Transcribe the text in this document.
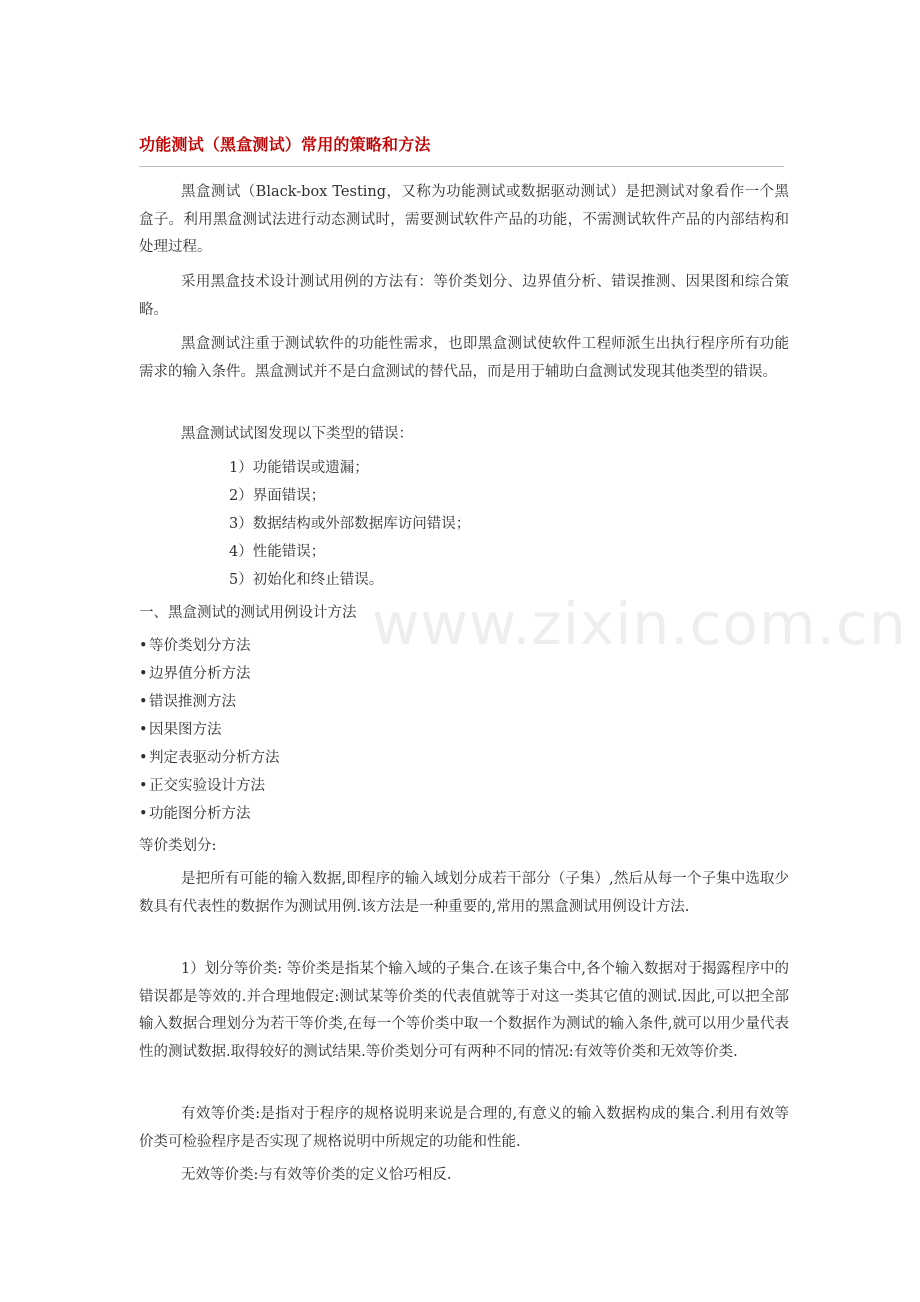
功能测试（黑盒测试）常用的策略和方法
黑盒测试（Black-box Testing，又称为功能测试或数据驱动测试）是把测试对象看作一个黑盒子。利用黑盒测试法进行动态测试时，需要测试软件产品的功能，不需测试软件产品的内部结构和处理过程。
采用黑盒技术设计测试用例的方法有：等价类划分、边界值分析、错误推测、因果图和综合策略。
黑盒测试注重于测试软件的功能性需求，也即黑盒测试使软件工程师派生出执行程序所有功能需求的输入条件。黑盒测试并不是白盒测试的替代品，而是用于辅助白盒测试发现其他类型的错误。
黑盒测试试图发现以下类型的错误：
1）功能错误或遗漏；
2）界面错误；
3）数据结构或外部数据库访问错误；
4）性能错误；
5）初始化和终止错误。
一、黑盒测试的测试用例设计方法
•等价类划分方法
•边界值分析方法
•错误推测方法
•因果图方法
•判定表驱动分析方法
•正交实验设计方法
•功能图分析方法
等价类划分:
是把所有可能的输入数据,即程序的输入域划分成若干部分（子集）,然后从每一个子集中选取少数具有代表性的数据作为测试用例.该方法是一种重要的,常用的黑盒测试用例设计方法.
1）划分等价类: 等价类是指某个输入域的子集合.在该子集合中,各个输入数据对于揭露程序中的错误都是等效的.并合理地假定:测试某等价类的代表值就等于对这一类其它值的测试.因此,可以把全部输入数据合理划分为若干等价类,在每一个等价类中取一个数据作为测试的输入条件,就可以用少量代表性的测试数据.取得较好的测试结果.等价类划分可有两种不同的情况:有效等价类和无效等价类.
有效等价类:是指对于程序的规格说明来说是合理的,有意义的输入数据构成的集合.利用有效等价类可检验程序是否实现了规格说明中所规定的功能和性能.
无效等价类:与有效等价类的定义恰巧相反.
www.zixin.com.cn
